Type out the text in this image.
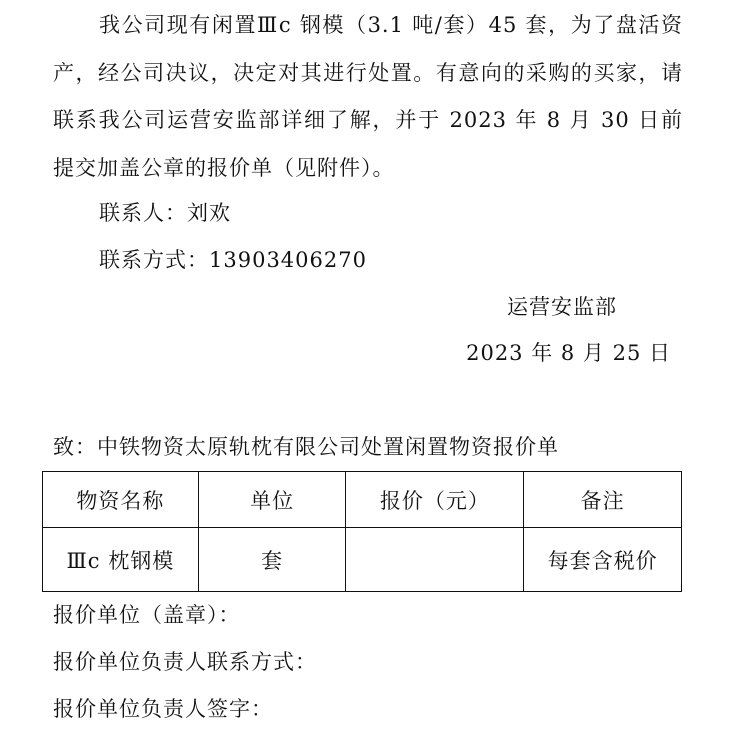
我公司现有闲置Ⅲc 钢模（3.1 吨/套）45 套，为了盘活资产，经公司决议，决定对其进行处置。有意向的采购的买家，请联系我公司运营安监部详细了解，并于 2023 年 8 月 30 日前提交加盖公章的报价单（见附件）。
联系人：刘欢
联系方式：13903406270
运营安监部
2023 年 8 月 25 日
致：中铁物资太原轨枕有限公司处置闲置物资报价单
物资名称	单位	报价（元）	备注
Ⅲc 枕钢模	套		每套含税价
报价单位（盖章）：
报价单位负责人联系方式：
报价单位负责人签字：
